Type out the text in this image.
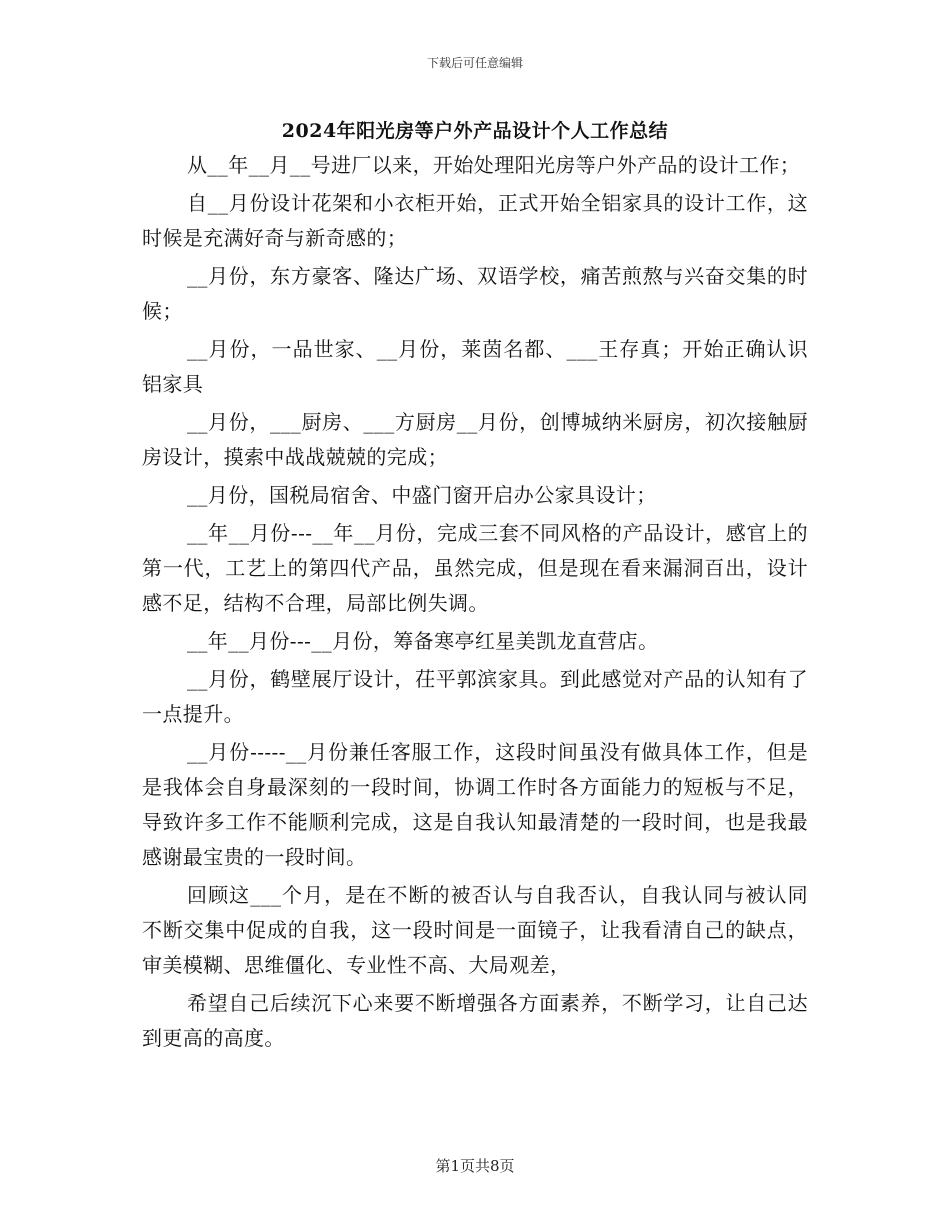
下载后可任意编辑
2024年阳光房等户外产品设计个人工作总结

从__年__月__号进厂以来，开始处理阳光房等户外产品的设计工作；

自__月份设计花架和小衣柜开始，正式开始全铝家具的设计工作，这时候是充满好奇与新奇感的；

__月份，东方豪客、隆达广场、双语学校，痛苦煎熬与兴奋交集的时候；

__月份，一品世家、__月份，莱茵名都、___王存真；开始正确认识铝家具

__月份，___厨房、___方厨房__月份，创博城纳米厨房，初次接触厨房设计，摸索中战战兢兢的完成；

__月份，国税局宿舍、中盛门窗开启办公家具设计；

__年__月份---__年__月份，完成三套不同风格的产品设计，感官上的第一代，工艺上的第四代产品，虽然完成，但是现在看来漏洞百出，设计感不足，结构不合理，局部比例失调。

__年__月份---__月份，筹备寒亭红星美凯龙直营店。

__月份，鹤壁展厅设计，茌平郭滨家具。到此感觉对产品的认知有了一点提升。

__月份-----__月份兼任客服工作，这段时间虽没有做具体工作，但是是我体会自身最深刻的一段时间，协调工作时各方面能力的短板与不足，导致许多工作不能顺利完成，这是自我认知最清楚的一段时间，也是我最感谢最宝贵的一段时间。

回顾这___个月，是在不断的被否认与自我否认，自我认同与被认同不断交集中促成的自我，这一段时间是一面镜子，让我看清自己的缺点，审美模糊、思维僵化、专业性不高、大局观差，

希望自己后续沉下心来要不断增强各方面素养，不断学习，让自己达到更高的高度。

第1页共8页
